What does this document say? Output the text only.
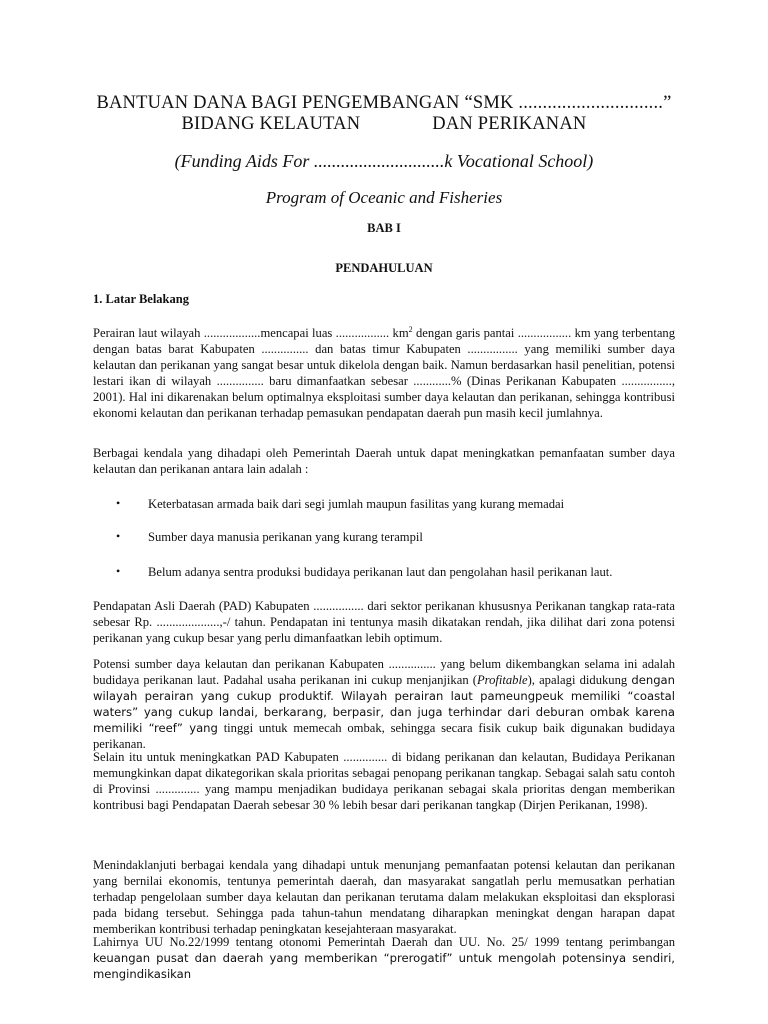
BANTUAN DANA BAGI PENGEMBANGAN “SMK ..............................”
BIDANG KELAUTAN	DAN PERIKANAN
(Funding Aids For .............................k Vocational School)
Program of Oceanic and Fisheries
BAB I
PENDAHULUAN
1. Latar Belakang
Perairan laut wilayah ..................mencapai luas ................. $km^2$ dengan garis pantai ................. km yang terbentang dengan batas barat Kabupaten ............... dan batas timur Kabupaten ................ yang memiliki sumber daya kelautan dan perikanan yang sangat besar untuk dikelola dengan baik. Namun berdasarkan hasil penelitian, potensi lestari ikan di wilayah ............... baru dimanfaatkan sebesar ............% (Dinas Perikanan Kabupaten ................, 2001). Hal ini dikarenakan belum optimalnya eksploitasi sumber daya kelautan dan perikanan, sehingga kontribusi ekonomi kelautan dan perikanan terhadap pemasukan pendapatan daerah pun masih kecil jumlahnya.
Berbagai kendala yang dihadapi oleh Pemerintah Daerah untuk dapat meningkatkan pemanfaatan sumber daya kelautan dan perikanan antara lain adalah :
• Keterbatasan armada baik dari segi jumlah maupun fasilitas yang kurang memadai
• Sumber daya manusia perikanan yang kurang terampil
• Belum adanya sentra produksi budidaya perikanan laut dan pengolahan hasil perikanan laut.
Pendapatan Asli Daerah (PAD) Kabupaten ................ dari sektor perikanan khususnya Perikanan tangkap rata-rata sebesar Rp. ....................,-/ tahun. Pendapatan ini tentunya masih dikatakan rendah, jika dilihat dari zona potensi perikanan yang cukup besar yang perlu dimanfaatkan lebih optimum.
Potensi sumber daya kelautan dan perikanan Kabupaten ............... yang belum dikembangkan selama ini adalah budidaya perikanan laut. Padahal usaha perikanan ini cukup menjanjikan (Profitable), apalagi didukung dengan wilayah perairan yang cukup produktif. Wilayah perairan laut pameungpeuk memiliki “coastal waters” yang cukup landai, berkarang, berpasir, dan juga terhindar dari deburan ombak karena memiliki “reef” yang tinggi untuk memecah ombak, sehingga secara fisik cukup baik digunakan budidaya perikanan.
Selain itu untuk meningkatkan PAD Kabupaten .............. di bidang perikanan dan kelautan, Budidaya Perikanan memungkinkan dapat dikategorikan skala prioritas sebagai penopang perikanan tangkap. Sebagai salah satu contoh di Provinsi .............. yang mampu menjadikan budidaya perikanan sebagai skala prioritas dengan memberikan kontribusi bagi Pendapatan Daerah sebesar 30 % lebih besar dari perikanan tangkap (Dirjen Perikanan, 1998).
Menindaklanjuti berbagai kendala yang dihadapi untuk menunjang pemanfaatan potensi kelautan dan perikanan yang bernilai ekonomis, tentunya pemerintah daerah, dan masyarakat sangatlah perlu memusatkan perhatian terhadap pengelolaan sumber daya kelautan dan perikanan terutama dalam melakukan eksploitasi dan eksplorasi pada bidang tersebut. Sehingga pada tahun-tahun mendatang diharapkan meningkat dengan harapan dapat memberikan kontribusi terhadap peningkatan kesejahteraan masyarakat.
Lahirnya UU No.22/1999 tentang otonomi Pemerintah Daerah dan UU. No. 25/ 1999 tentang perimbangan keuangan pusat dan daerah yang memberikan “prerogatif” untuk mengolah potensinya sendiri, mengindikasikan
